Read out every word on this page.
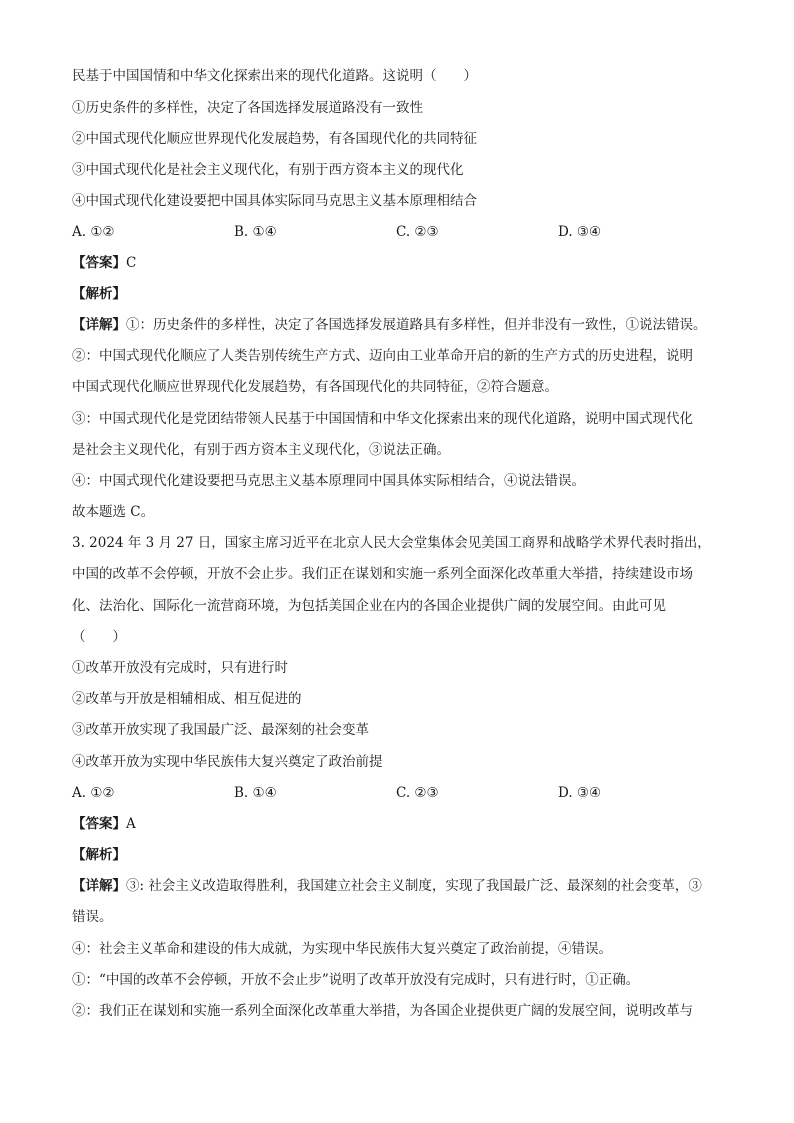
民基于中国国情和中华文化探索出来的现代化道路。这说明（　　）
①历史条件的多样性，决定了各国选择发展道路没有一致性
②中国式现代化顺应世界现代化发展趋势，有各国现代化的共同特征
③中国式现代化是社会主义现代化，有别于西方资本主义的现代化
④中国式现代化建设要把中国具体实际同马克思主义基本原理相结合
A. ①②	B. ①④	C. ②③	D. ③④
【答案】C
【解析】
【详解】①：历史条件的多样性，决定了各国选择发展道路具有多样性，但并非没有一致性，①说法错误。
②：中国式现代化顺应了人类告别传统生产方式、迈向由工业革命开启的新的生产方式的历史进程，说明
中国式现代化顺应世界现代化发展趋势，有各国现代化的共同特征，②符合题意。
③：中国式现代化是党团结带领人民基于中国国情和中华文化探索出来的现代化道路，说明中国式现代化
是社会主义现代化，有别于西方资本主义现代化，③说法正确。
④：中国式现代化建设要把马克思主义基本原理同中国具体实际相结合，④说法错误。
故本题选 C。
3. 2024 年 3 月 27 日，国家主席习近平在北京人民大会堂集体会见美国工商界和战略学术界代表时指出，
中国的改革不会停顿，开放不会止步。我们正在谋划和实施一系列全面深化改革重大举措，持续建设市场
化、法治化、国际化一流营商环境，为包括美国企业在内的各国企业提供广阔的发展空间。由此可见
（　　）
①改革开放没有完成时，只有进行时
②改革与开放是相辅相成、相互促进的
③改革开放实现了我国最广泛、最深刻的社会变革
④改革开放为实现中华民族伟大复兴奠定了政治前提
A. ①②	B. ①④	C. ②③	D. ③④
【答案】A
【解析】
【详解】③: 社会主义改造取得胜利，我国建立社会主义制度，实现了我国最广泛、最深刻的社会变革，③
错误。
④：社会主义革命和建设的伟大成就，为实现中华民族伟大复兴奠定了政治前提，④错误。
①：“中国的改革不会停顿，开放不会止步”说明了改革开放没有完成时，只有进行时，①正确。
②：我们正在谋划和实施一系列全面深化改革重大举措，为各国企业提供更广阔的发展空间，说明改革与
